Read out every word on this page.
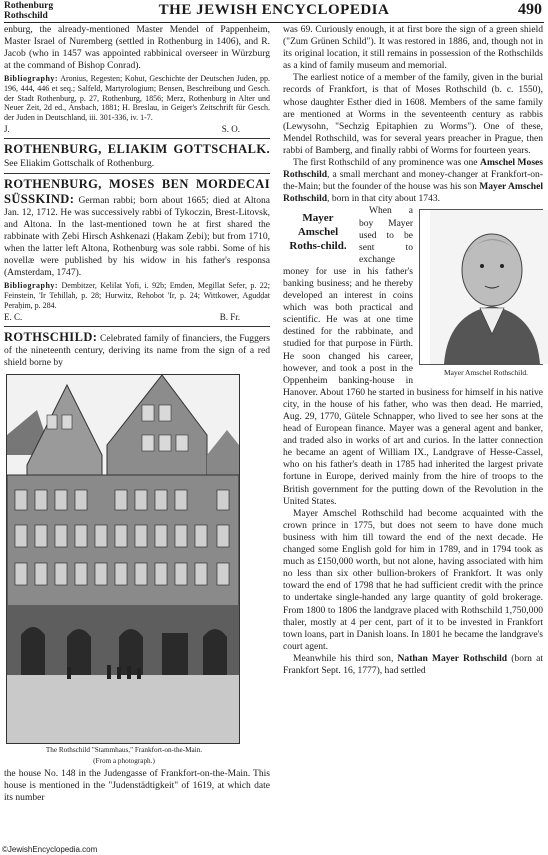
Rothenburg
Rothschild	THE JEWISH ENCYCLOPEDIA	490

enburg, the already-mentioned Master Mendel of Pappenheim, Master Israel of Nuremberg (settled in Rothenburg in 1406), and R. Jacob (who in 1457 was appointed rabbinical overseer in Würzburg at the command of Bishop Conrad).

Bibliography: Aronius, Regesten; Kohut, Geschichte der Deutschen Juden, pp. 196, 444, 446 et seq.; Salfeld, Martyrologium; Bensen, Beschreibung und Gesch. der Stadt Rothenburg, p. 27, Rothenburg, 1856; Merz, Rothenburg in Alter und Neuer Zeit, 2d ed., Ansbach, 1881; H. Breslau, in Geiger's Zeitschrift für Gesch. der Juden in Deutschland, iii. 301-336, iv. 1-7.

J.	S. O.

ROTHENBURG, ELIAKIM GOTTSCHALK. See Eliakim Gottschalk of Rothenburg.

ROTHENBURG, MOSES BEN MORDECAI SÜSSKIND: German rabbi; born about 1665; died at Altona Jan. 12, 1712. He was successively rabbi of Tykoczin, Brest-Litovsk, and Altona. In the last-mentioned town he at first shared the rabbinate with Ẓebi Hirsch Ashkenazi (Ḥakam Ẓebi); but from 1710, when the latter left Altona, Rothenburg was sole rabbi. Some of his novellæ were published by his widow in his father's responsa (Amsterdam, 1747).

Bibliography: Dembitzer, Kelilat Yofi, i. 92b; Emden, Megillat Sefer, p. 22; Feinstein, 'Ir Tehillah, p. 28; Hurwitz, Rehobot 'Ir, p. 24; Wittkower, Agudḍat Peraḥim, p. 284.

E. C.	B. Fr.

ROTHSCHILD: Celebrated family of financiers, the Fuggers of the nineteenth century, deriving its name from the sign of a red shield borne by

The Rothschild "Stammhaus," Frankfort-on-the-Main.
(From a photograph.)

the house No. 148 in the Judengasse of Frankfort-on-the-Main. This house is mentioned in the "Judenstädtigkeit" of 1619, at which date its number

was 69. Curiously enough, it at first bore the sign of a green shield ("Zum Grünen Schild"). It was restored in 1886, and, though not in its original location, it still remains in possession of the Rothschilds as a kind of family museum and memorial.

The earliest notice of a member of the family, given in the burial records of Frankfort, is that of Moses Rothschild (b. c. 1550), whose daughter Esther died in 1608. Members of the same family are mentioned at Worms in the seventeenth century as rabbis (Lewysohn, "Sechzig Epitaphien zu Worms"). One of these, Mendel Rothschild, was for several years preacher in Prague, then rabbi of Bamberg, and finally rabbi of Worms for fourteen years.

The first Rothschild of any prominence was one Amschel Moses Rothschild, a small merchant and money-changer at Frankfort-on-the-Main; but the founder of the house was his son Mayer Amschel Rothschild, born in that city about 1743.

Mayer Amschel Roths-child.

Mayer Amschel Rothschild.
When a boy Mayer used to be sent to exchange money for use in his father's banking business; and he thereby developed an interest in coins which was both practical and scientific. He was at one time destined for the rabbinate, and studied for that purpose in Fürth. He soon changed his career, however, and took a post in the Oppenheim banking-house in Hanover. About 1760 he started in business for himself in his native city, in the house of his father, who was then dead. He married, Aug. 29, 1770, Gütele Schnapper, who lived to see her sons at the head of European finance. Mayer was a general agent and banker, and traded also in works of art and curios. In the latter connection he became an agent of William IX., Landgrave of Hesse-Cassel, who on his father's death in 1785 had inherited the largest private fortune in Europe, derived mainly from the hire of troops to the British government for the putting down of the Revolution in the United States.

Mayer Amschel Rothschild had become acquainted with the crown prince in 1775, but does not seem to have done much business with him till toward the end of the next decade. He changed some English gold for him in 1789, and in 1794 took as much as £150,000 worth, but not alone, having associated with him no less than six other bullion-brokers of Frankfort. It was only toward the end of 1798 that he had sufficient credit with the prince to undertake single-handed any large quantity of gold brokerage. From 1800 to 1806 the landgrave placed with Rothschild 1,750,000 thaler, mostly at 4 per cent, part of it to be invested in Frankfort town loans, part in Danish loans. In 1801 he became the landgrave's court agent.

Meanwhile his third son, Nathan Mayer Rothschild (born at Frankfort Sept. 16, 1777), had settled

©JewishEncyclopedia.com
